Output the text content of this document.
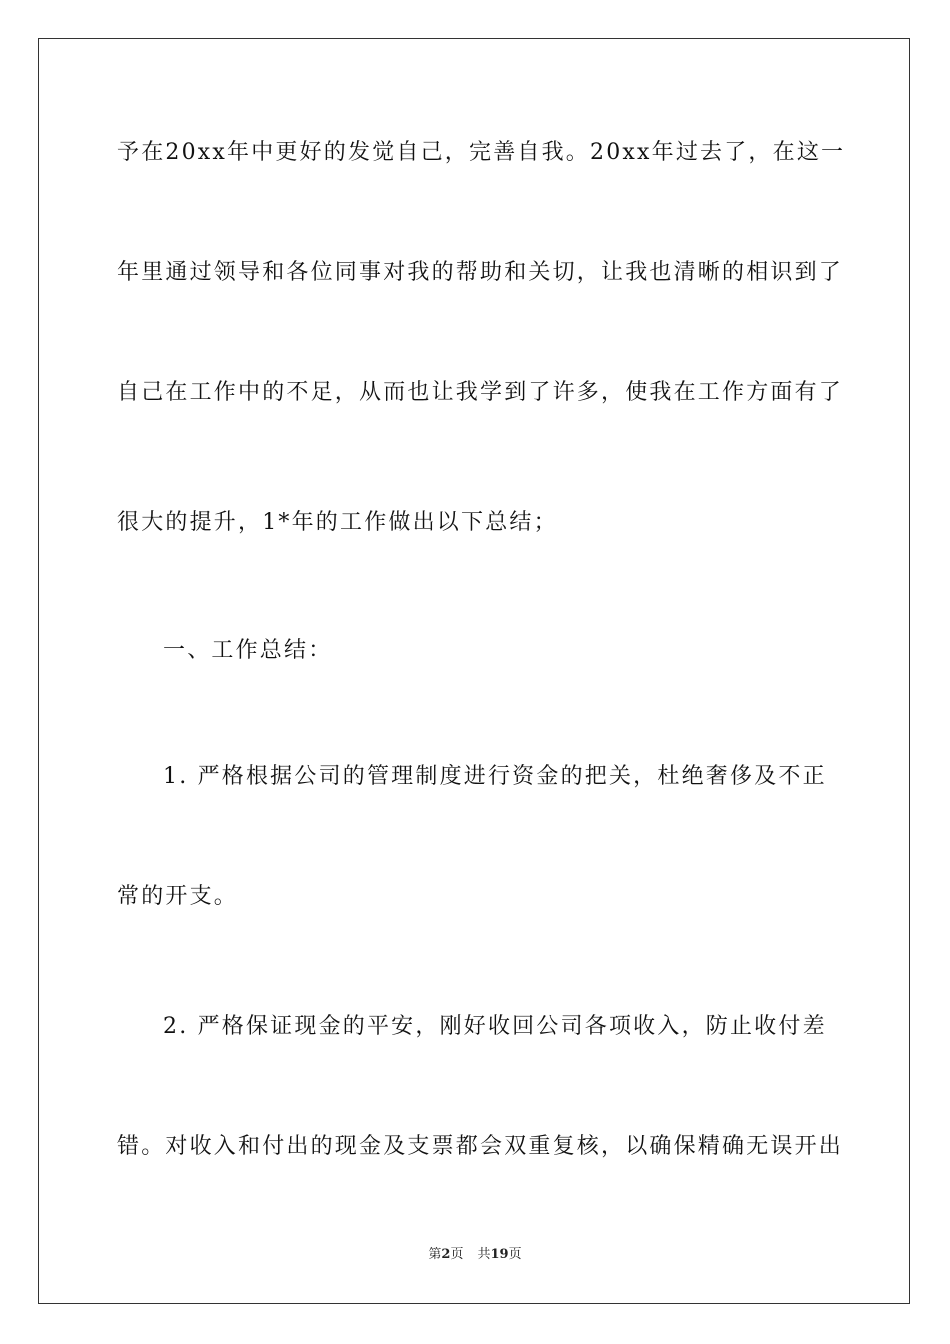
予在20xx年中更好的发觉自己，完善自我。20xx年过去了，在这一
年里通过领导和各位同事对我的帮助和关切，让我也清晰的相识到了
自己在工作中的不足，从而也让我学到了许多，使我在工作方面有了
很大的提升，1*年的工作做出以下总结；
一、工作总结：
1. 严格根据公司的管理制度进行资金的把关，杜绝奢侈及不正
常的开支。
2. 严格保证现金的平安，刚好收回公司各项收入，防止收付差
错。对收入和付出的现金及支票都会双重复核，以确保精确无误开出
第2页 共19页
